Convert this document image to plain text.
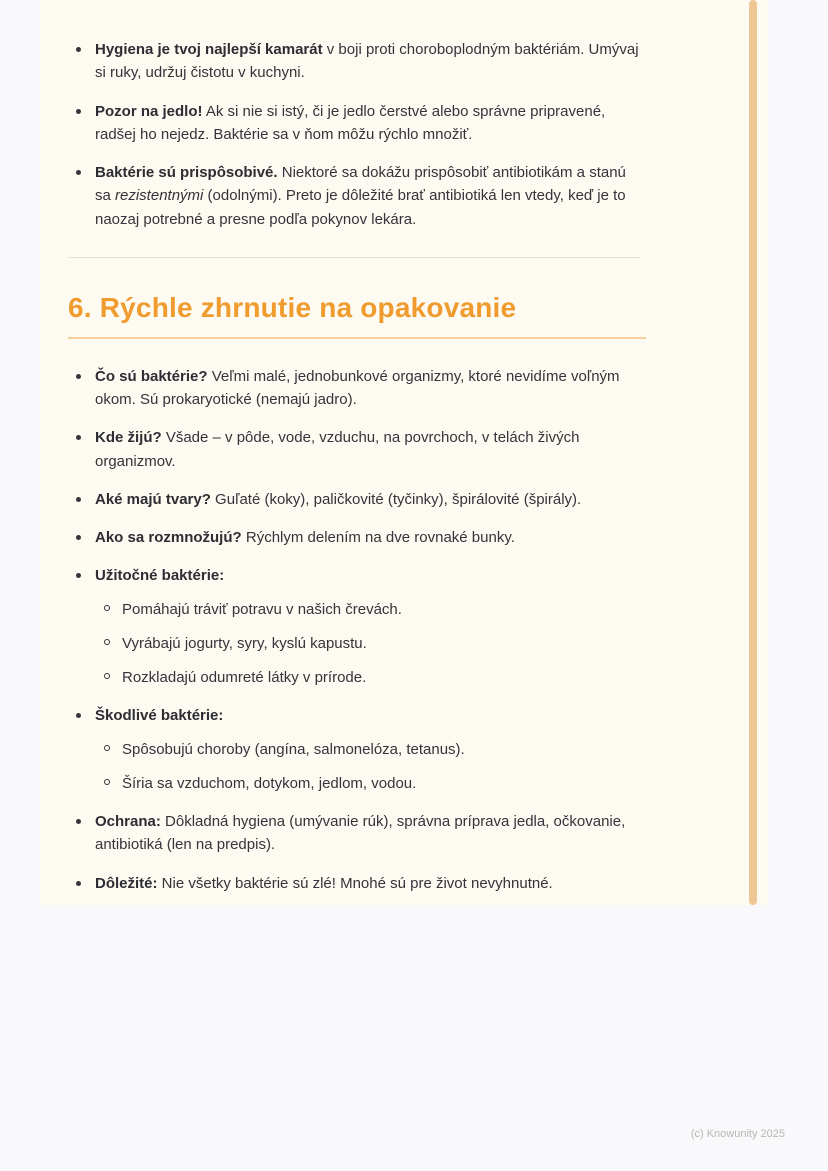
Hygiena je tvoj najlepší kamarát v boji proti choroboplodným baktériám. Umývaj si ruky, udržuj čistotu v kuchyni.
Pozor na jedlo! Ak si nie si istý, či je jedlo čerstvé alebo správne pripravené, radšej ho nejedz. Baktérie sa v ňom môžu rýchlo množiť.
Baktérie sú prispôsobivé. Niektoré sa dokážu prispôsobiť antibiotikám a stanú sa rezistentnými (odolnými). Preto je dôležité brať antibiotiká len vtedy, keď je to naozaj potrebné a presne podľa pokynov lekára.
6. Rýchle zhrnutie na opakovanie
Čo sú baktérie? Veľmi malé, jednobunkové organizmy, ktoré nevidíme voľným okom. Sú prokaryotické (nemajú jadro).
Kde žijú? Všade – v pôde, vode, vzduchu, na povrchoch, v telách živých organizmov.
Aké majú tvary? Guľaté (koky), paličkovité (tyčinky), špirálovité (špirály).
Ako sa rozmnožujú? Rýchlym delením na dve rovnaké bunky.
Užitočné baktérie:
Pomáhajú tráviť potravu v našich črevách.
Vyrábajú jogurty, syry, kyslú kapustu.
Rozkladajú odumreté látky v prírode.
Škodlivé baktérie:
Spôsobujú choroby (angína, salmonelóza, tetanus).
Šíria sa vzduchom, dotykom, jedlom, vodou.
Ochrana: Dôkladná hygiena (umývanie rúk), správna príprava jedla, očkovanie, antibiotiká (len na predpis).
Dôležité: Nie všetky baktérie sú zlé! Mnohé sú pre život nevyhnutné.
(c) Knowunity 2025
